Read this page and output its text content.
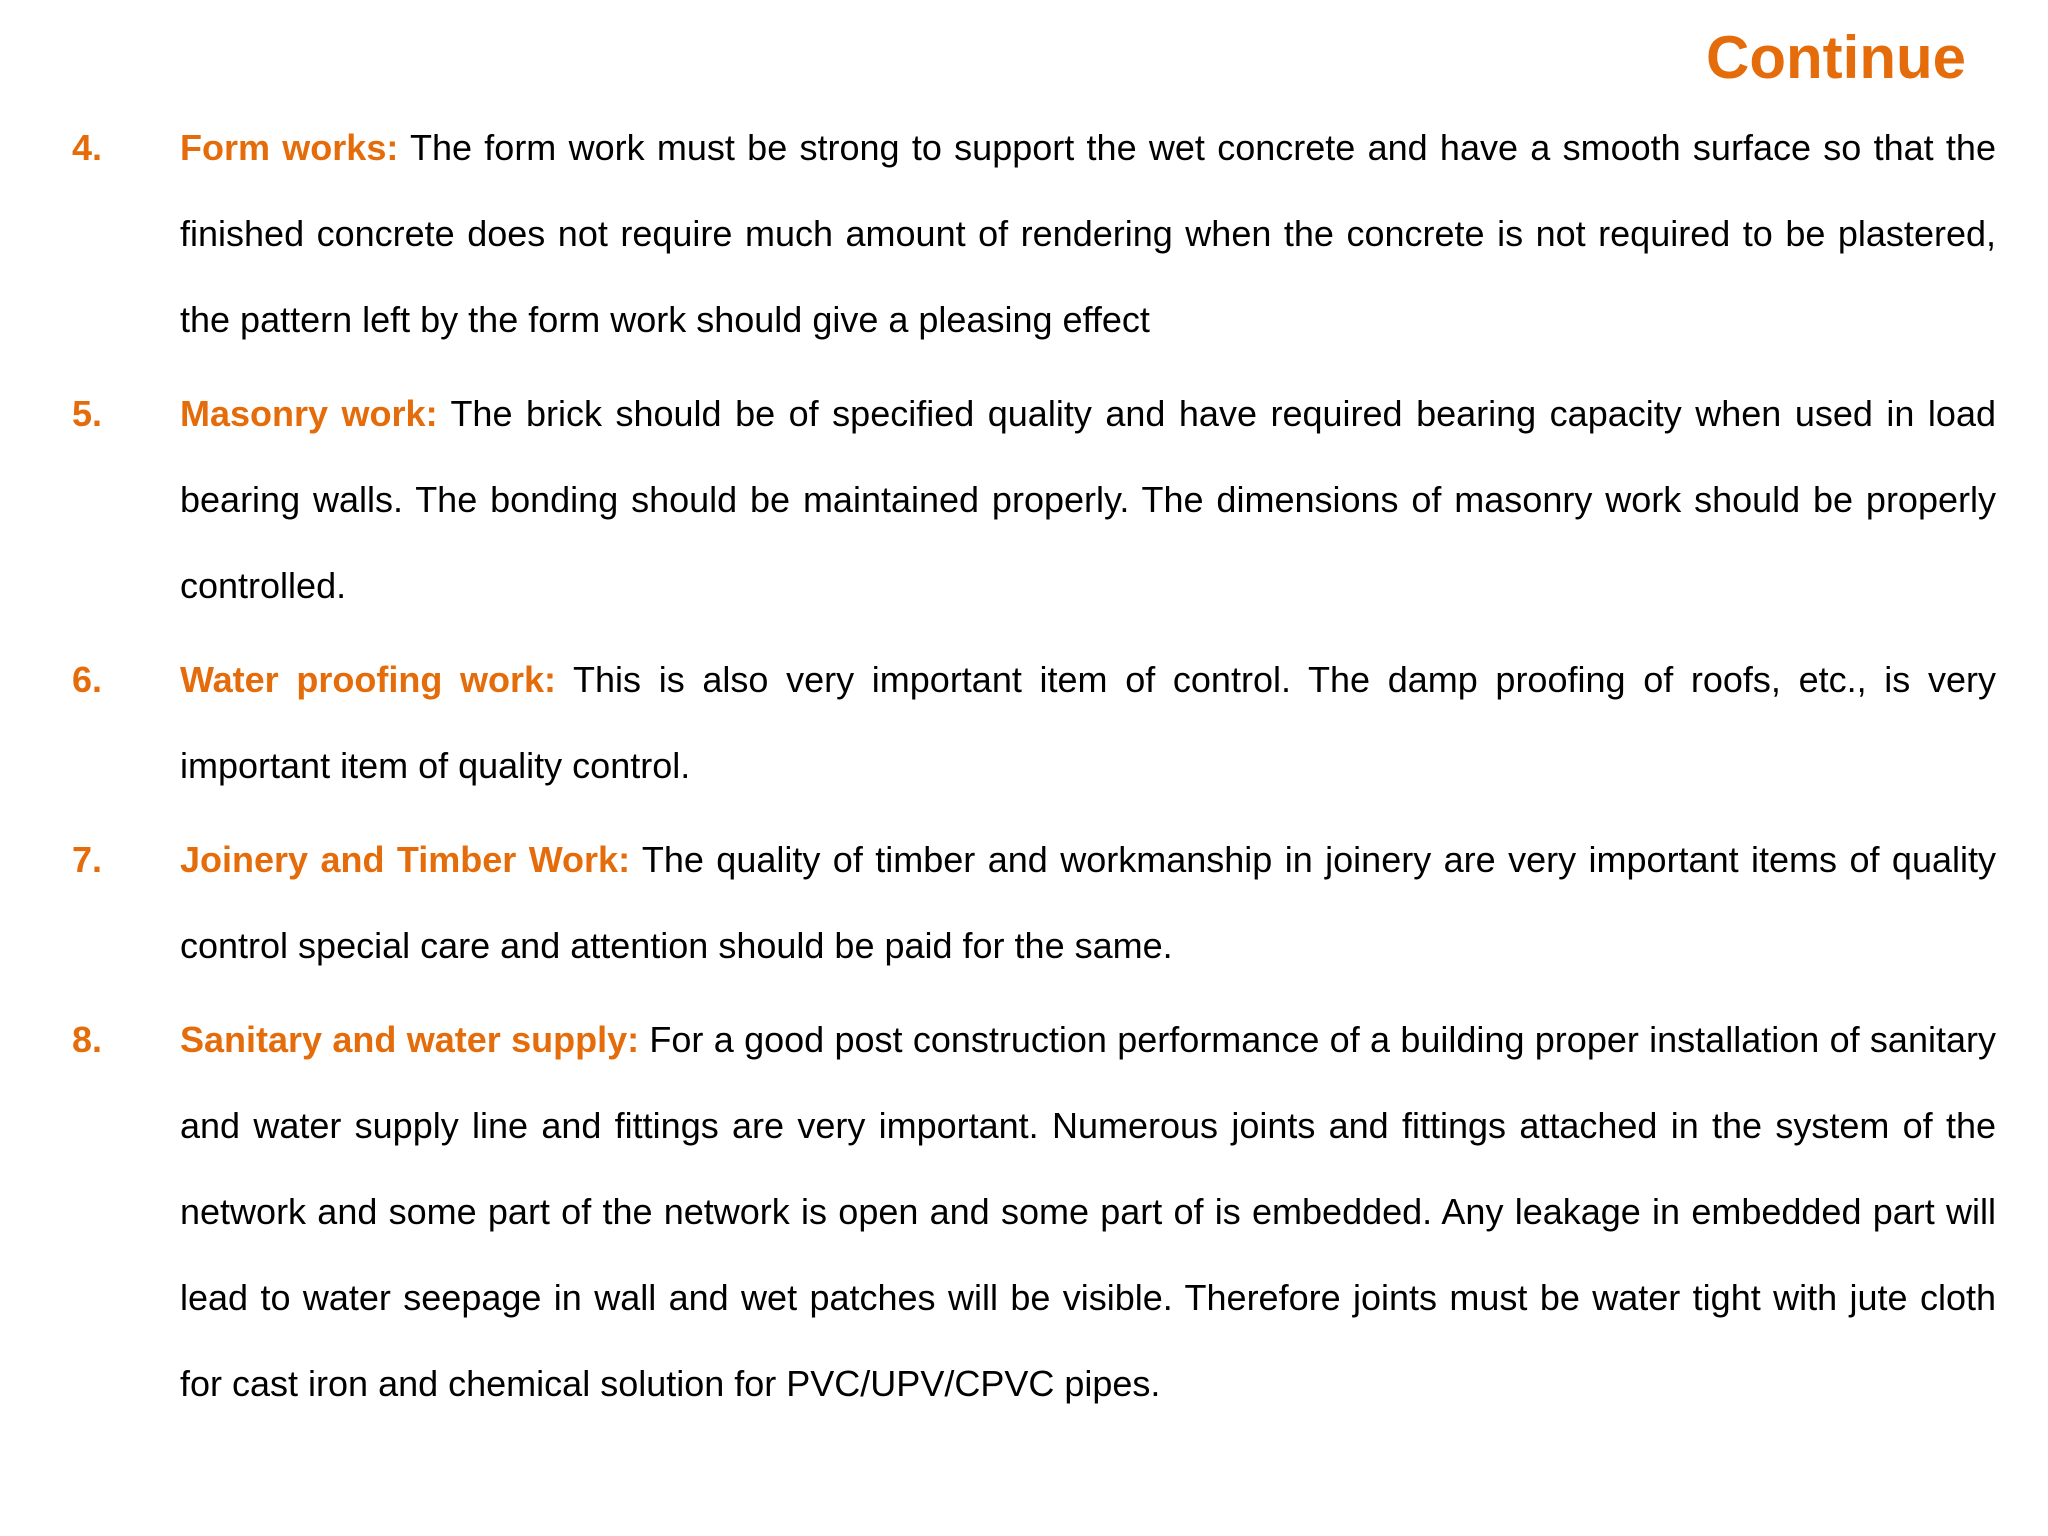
Continue
4. Form works: The form work must be strong to support the wet concrete and have a smooth surface so that the finished concrete does not require much amount of rendering when the concrete is not required to be plastered, the pattern left by the form work should give a pleasing effect
5. Masonry work: The brick should be of specified quality and have required bearing capacity when used in load bearing walls. The bonding should be maintained properly. The dimensions of masonry work should be properly controlled.
6. Water proofing work: This is also very important item of control. The damp proofing of roofs, etc., is very important item of quality control.
7. Joinery and Timber Work: The quality of timber and workmanship in joinery are very important items of quality control special care and attention should be paid for the same.
8. Sanitary and water supply: For a good post construction performance of a building proper installation of sanitary and water supply line and fittings are very important. Numerous joints and fittings attached in the system of the network and some part of the network is open and some part of is embedded. Any leakage in embedded part will lead to water seepage in wall and wet patches will be visible. Therefore joints must be water tight with jute cloth for cast iron and chemical solution for PVC/UPV/CPVC pipes.
